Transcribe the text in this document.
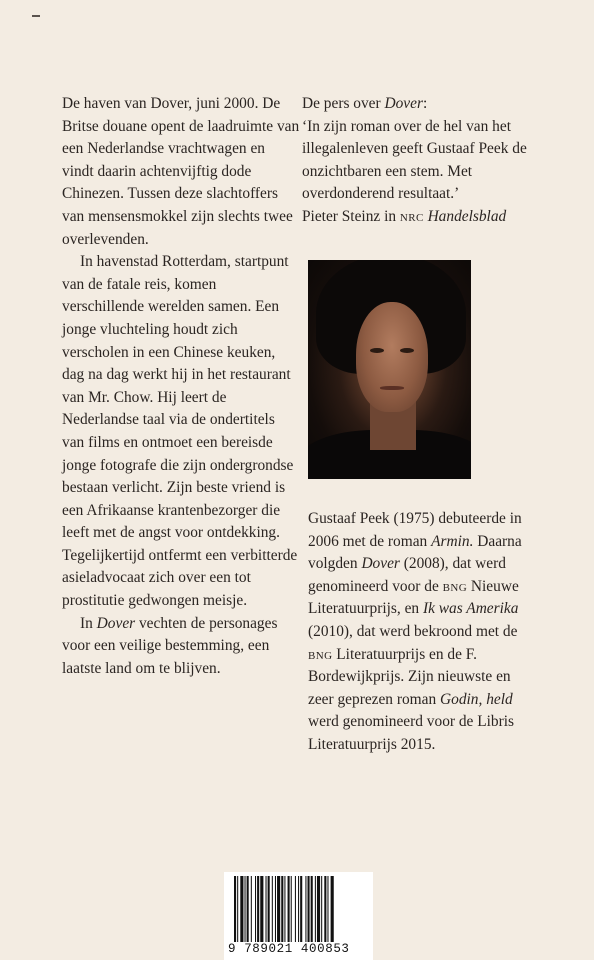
De haven van Dover, juni 2000. De Britse douane opent de laadruimte van een Nederlandse vrachtwagen en vindt daarin achtenvijftig dode Chinezen. Tussen deze slachtoffers van mensensmokkel zijn slechts twee overlevenden.

In havenstad Rotterdam, startpunt van de fatale reis, komen verschillende werelden samen. Een jonge vluchteling houdt zich verscholen in een Chinese keuken, dag na dag werkt hij in het restaurant van Mr. Chow. Hij leert de Nederlandse taal via de ondertitels van films en ontmoet een bereisde jonge fotografe die zijn ondergrondse bestaan verlicht. Zijn beste vriend is een Afrikaanse krantenbezorger die leeft met de angst voor ontdekking. Tegelijkertijd ontfermt een verbitterde asieladvocaat zich over een tot prostitutie gedwongen meisje.

In Dover vechten de personages voor een veilige bestemming, een laatste land om te blijven.

De pers over Dover:

‘In zijn roman over de hel van het illegalenleven geeft Gustaaf Peek de onzichtbaren een stem. Met overdonderend resultaat.’

Pieter Steinz in nrc Handelsblad

Gustaaf Peek (1975) debuteerde in 2006 met de roman Armin. Daarna volgden Dover (2008), dat werd genomineerd voor de bng Nieuwe Literatuurprijs, en Ik was Amerika (2010), dat werd bekroond met de bng Literatuurprijs en de F. Bordewijkprijs. Zijn nieuwste en zeer geprezen roman Godin, held werd genomineerd voor de Libris Literatuurprijs 2015.

9 789021 400853
